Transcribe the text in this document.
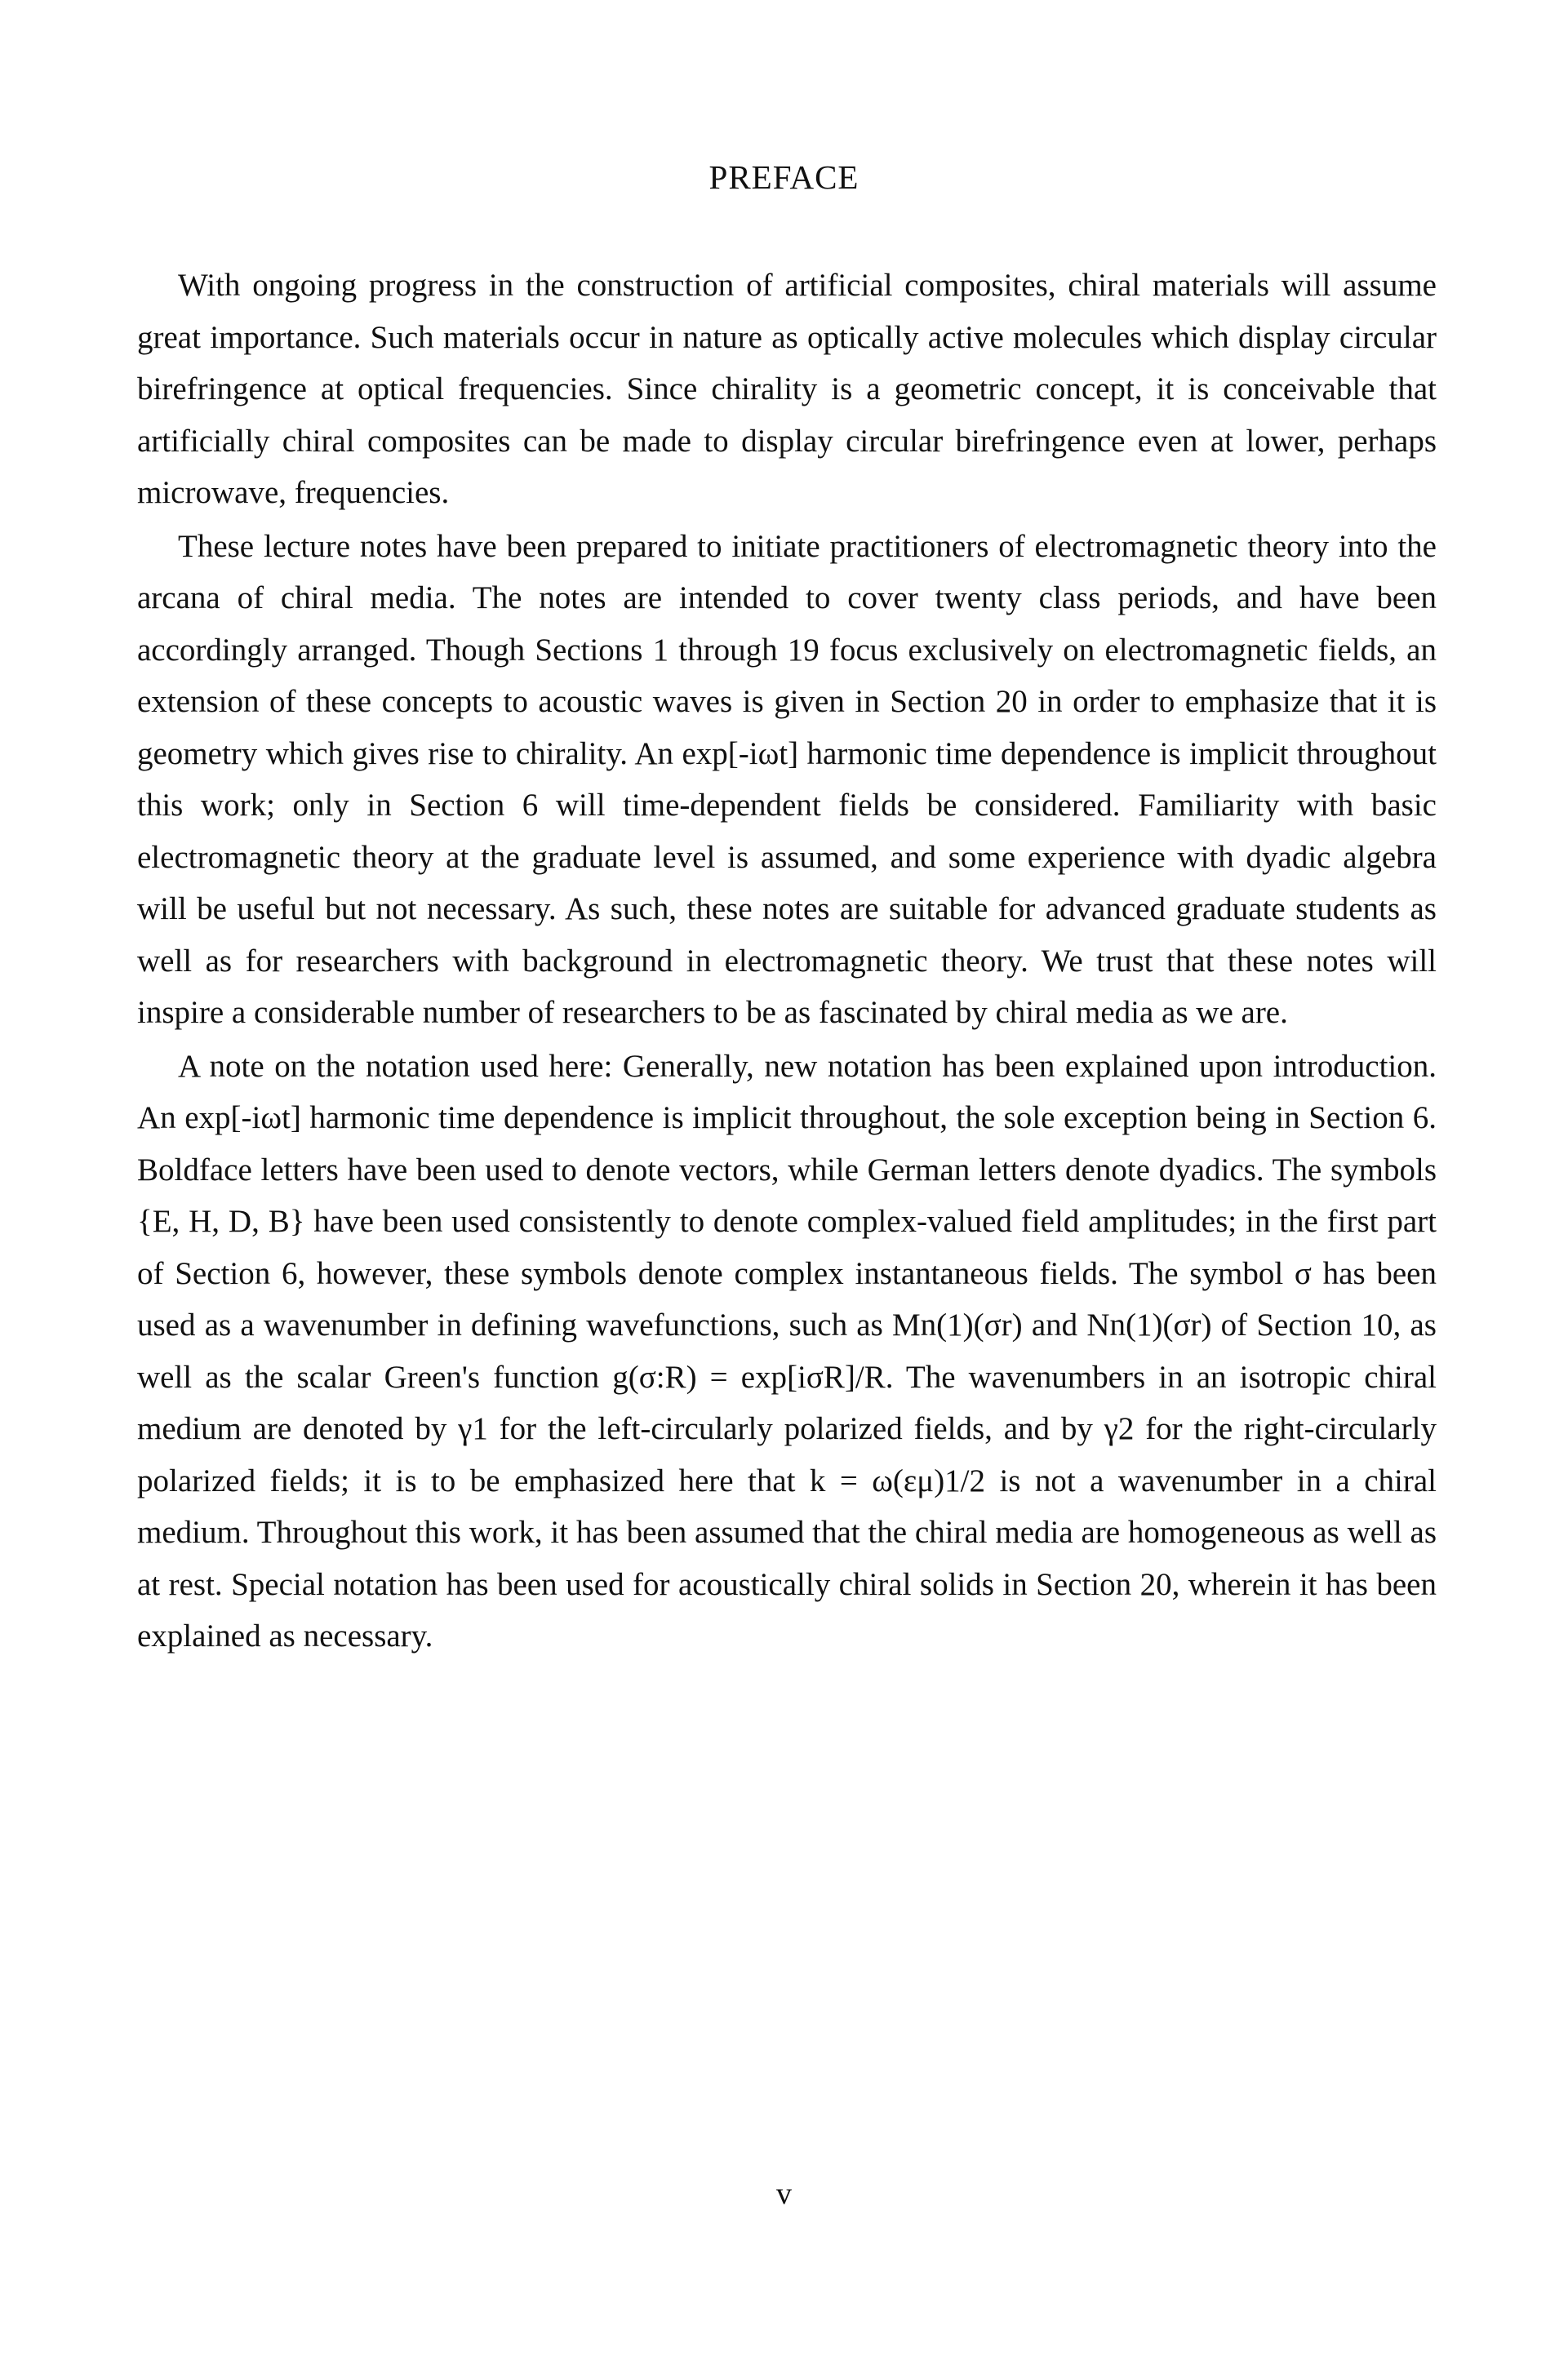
PREFACE

With ongoing progress in the construction of artificial composites, chiral materials will assume great importance. Such materials occur in nature as optically active molecules which display circular birefringence at optical frequencies. Since chirality is a geometric concept, it is conceivable that artificially chiral composites can be made to display circular birefringence even at lower, perhaps microwave, frequencies.

These lecture notes have been prepared to initiate practitioners of electromagnetic theory into the arcana of chiral media. The notes are intended to cover twenty class periods, and have been accordingly arranged. Though Sections 1 through 19 focus exclusively on electromagnetic fields, an extension of these concepts to acoustic waves is given in Section 20 in order to emphasize that it is geometry which gives rise to chirality. An exp[-iωt] harmonic time dependence is implicit throughout this work; only in Section 6 will time-dependent fields be considered. Familiarity with basic electromagnetic theory at the graduate level is assumed, and some experience with dyadic algebra will be useful but not necessary. As such, these notes are suitable for advanced graduate students as well as for researchers with background in electromagnetic theory. We trust that these notes will inspire a considerable number of researchers to be as fascinated by chiral media as we are.

A note on the notation used here: Generally, new notation has been explained upon introduction. An exp[-iωt] harmonic time dependence is implicit throughout, the sole exception being in Section 6. Boldface letters have been used to denote vectors, while German letters denote dyadics. The symbols {E, H, D, B} have been used consistently to denote complex-valued field amplitudes; in the first part of Section 6, however, these symbols denote complex instantaneous fields. The symbol σ has been used as a wavenumber in defining wavefunctions, such as Mn(1)(σr) and Nn(1)(σr) of Section 10, as well as the scalar Green's function g(σ:R) = exp[iσR]/R. The wavenumbers in an isotropic chiral medium are denoted by γ1 for the left-circularly polarized fields, and by γ2 for the right-circularly polarized fields; it is to be emphasized here that k = ω(εμ)1/2 is not a wavenumber in a chiral medium. Throughout this work, it has been assumed that the chiral media are homogeneous as well as at rest. Special notation has been used for acoustically chiral solids in Section 20, wherein it has been explained as necessary.

v
